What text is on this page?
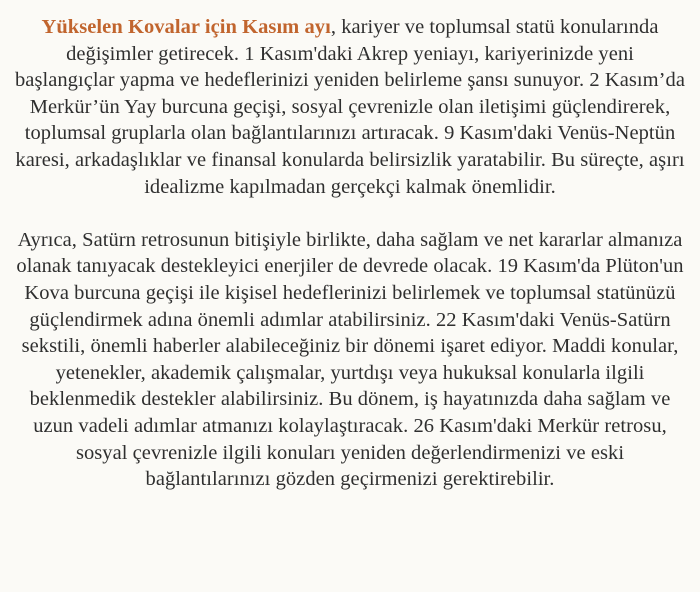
Yükselen Kovalar için Kasım ayı, kariyer ve toplumsal statü konularında değişimler getirecek. 1 Kasım'daki Akrep yeniayı, kariyerinizde yeni başlangıçlar yapma ve hedeflerinizi yeniden belirleme şansı sunuyor. 2 Kasım’da Merkür’ün Yay burcuna geçişi, sosyal çevrenizle olan iletişimi güçlendirerek, toplumsal gruplarla olan bağlantılarınızı artıracak. 9 Kasım'daki Venüs-Neptün karesi, arkadaşlıklar ve finansal konularda belirsizlik yaratabilir. Bu süreçte, aşırı idealizme kapılmadan gerçekçi kalmak önemlidir.

Ayrıca, Satürn retrosunun bitişiyle birlikte, daha sağlam ve net kararlar almanıza olanak tanıyacak destekleyici enerjiler de devrede olacak. 19 Kasım'da Plüton'un Kova burcuna geçişi ile kişisel hedeflerinizi belirlemek ve toplumsal statünüzü güçlendirmek adına önemli adımlar atabilirsiniz. 22 Kasım'daki Venüs-Satürn sekstili, önemli haberler alabileceğiniz bir dönemi işaret ediyor. Maddi konular, yetenekler, akademik çalışmalar, yurtdışı veya hukuksal konularla ilgili beklenmedik destekler alabilirsiniz. Bu dönem, iş hayatınızda daha sağlam ve uzun vadeli adımlar atmanızı kolaylaştıracak. 26 Kasım'daki Merkür retrosu, sosyal çevrenizle ilgili konuları yeniden değerlendirmenizi ve eski bağlantılarınızı gözden geçirmenizi gerektirebilir.
